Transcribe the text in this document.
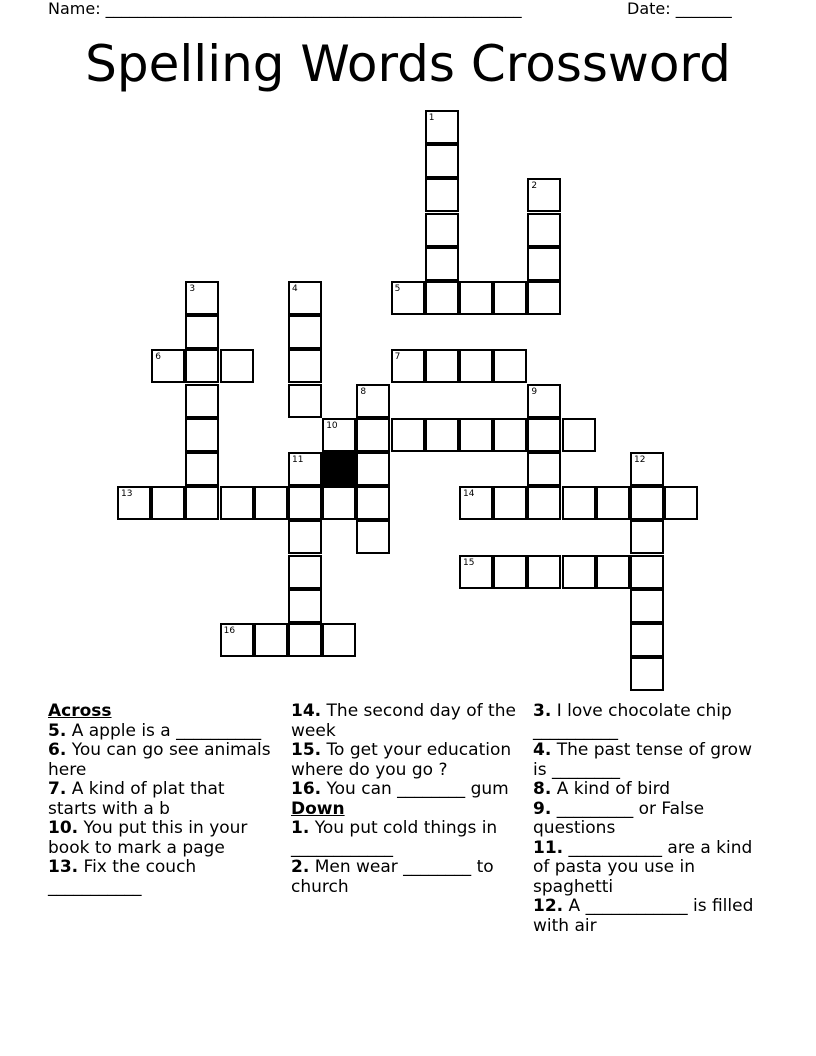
Name: ____________________________________________________	Date: _______
Spelling Words Crossword
1
2
3	4	5
6	7
8	9
10
11	12
13	14
15
16
Across
5. A apple is a __________
6. You can go see animals here
7. A kind of plat that starts with a b
10. You put this in your book to mark a page
13. Fix the couch ___________
14. The second day of the week
15. To get your education where do you go ?
16. You can ________ gum
Down
1. You put cold things in ____________
2. Men wear ________ to church
3. I love chocolate chip __________
4. The past tense of grow is ________
8. A kind of bird
9. _________ or False questions
11. ___________ are a kind of pasta you use in spaghetti
12. A ____________ is filled with air
